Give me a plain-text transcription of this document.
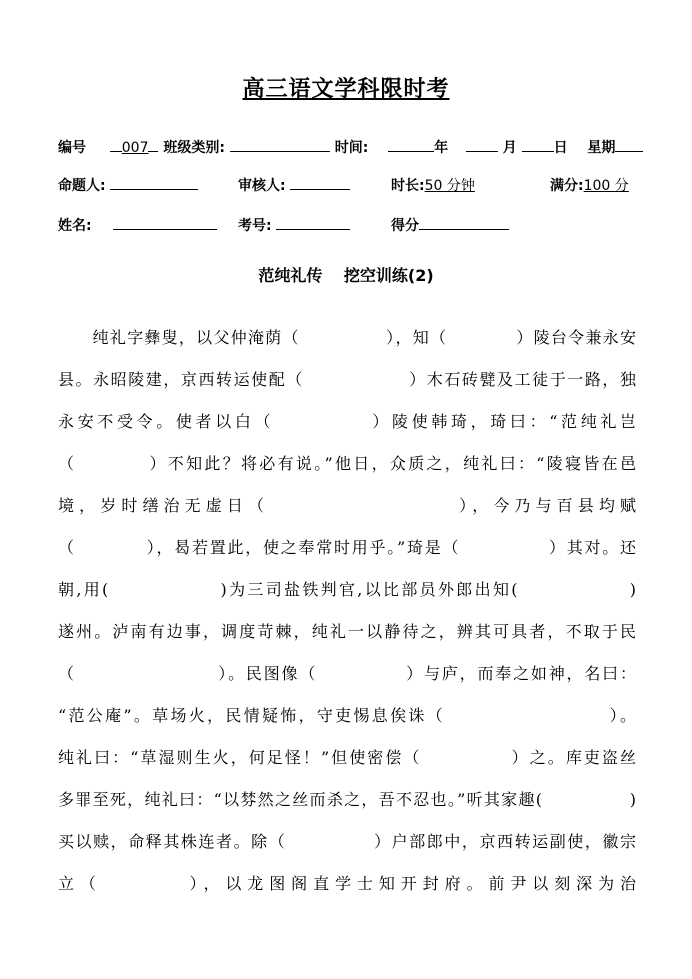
高三语文学科限时考
编号	007 班级类别:	时间:	年	月	日 星期
命题人:	审核人:	时长:50 分钟	满分:100 分
姓名:	考号:	得分
范纯礼传　 挖空训练(2)
　　纯礼字彝叟，以父仲淹荫（　　　　　），知（　　　　）陵台令兼永安
县。永昭陵建，京西转运使配（　　　　　　）木石砖甓及工徒于一路，独
永安不受令。使者以白（　　　　　）陵使韩琦，琦曰：“范纯礼岂
（　　　　）不知此？将必有说。”他日，众质之，纯礼曰：“陵寝皆在邑
境，岁时缮治无虚日（　　　　　　　　　），今乃与百县均赋
（　　　　），曷若置此，使之奉常时用乎。”琦是（　　　　　）其对。还
朝,用(　　　　　　)为三司盐铁判官,以比部员外郎出知(　　　　　　)
遂州。泸南有边事，调度苛棘，纯礼一以静待之，辨其可具者，不取于民
（　　　　　　　　）。民图像（　　　　　）与庐，而奉之如神，名曰：
“范公庵”。草场火，民情疑怖，守吏惕息俟诛（　　　　　　　　　）。
纯礼曰：“草湿则生火，何足怪！”但使密偿（　　　　　）之。库吏盗丝
多罪至死，纯礼曰：“以棼然之丝而杀之，吾不忍也。”听其家趣(　　　　　)
买以赎，命释其株连者。除（　　　　　）户部郎中，京西转运副使，徽宗
立（　　　　），以龙图阁直学士知开封府。前尹以刻深为治
